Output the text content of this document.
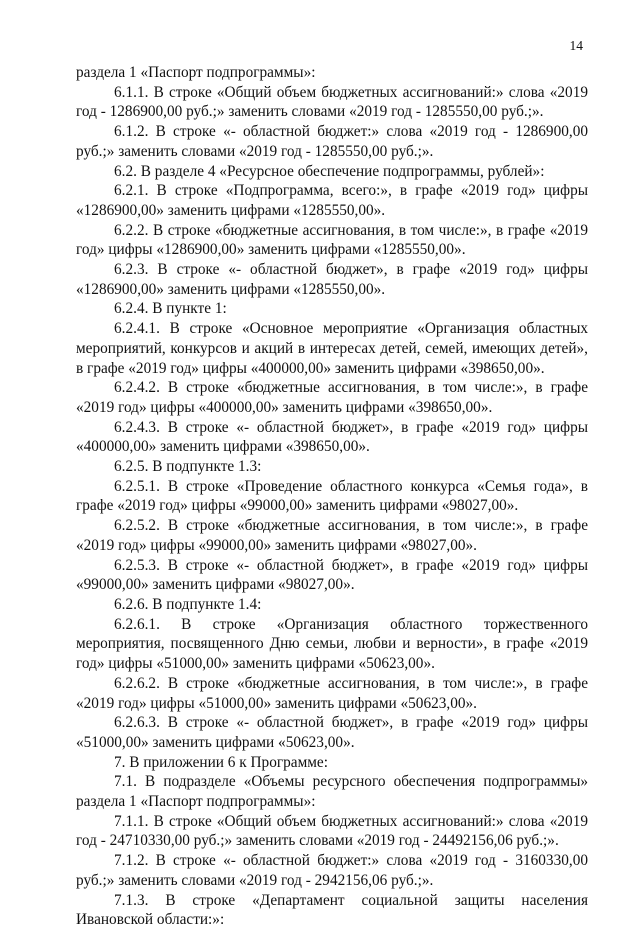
14

раздела 1 «Паспорт подпрограммы»:

6.1.1. В строке «Общий объем бюджетных ассигнований:» слова «2019 год - 1286900,00 руб.;» заменить словами «2019 год - 1285550,00 руб.;».

6.1.2. В строке «- областной бюджет:» слова «2019 год - 1286900,00 руб.;» заменить словами «2019 год - 1285550,00 руб.;».

6.2. В разделе 4 «Ресурсное обеспечение подпрограммы, рублей»:

6.2.1. В строке «Подпрограмма, всего:», в графе «2019 год» цифры «1286900,00» заменить цифрами «1285550,00».

6.2.2. В строке «бюджетные ассигнования, в том числе:», в графе «2019 год» цифры «1286900,00» заменить цифрами «1285550,00».

6.2.3. В строке «- областной бюджет», в графе «2019 год» цифры «1286900,00» заменить цифрами «1285550,00».

6.2.4. В пункте 1:

6.2.4.1. В строке «Основное мероприятие «Организация областных мероприятий, конкурсов и акций в интересах детей, семей, имеющих детей», в графе «2019 год» цифры «400000,00» заменить цифрами «398650,00».

6.2.4.2. В строке «бюджетные ассигнования, в том числе:», в графе «2019 год» цифры «400000,00» заменить цифрами «398650,00».

6.2.4.3. В строке «- областной бюджет», в графе «2019 год» цифры «400000,00» заменить цифрами «398650,00».

6.2.5. В подпункте 1.3:

6.2.5.1. В строке «Проведение областного конкурса «Семья года», в графе «2019 год» цифры «99000,00» заменить цифрами «98027,00».

6.2.5.2. В строке «бюджетные ассигнования, в том числе:», в графе «2019 год» цифры «99000,00» заменить цифрами «98027,00».

6.2.5.3. В строке «- областной бюджет», в графе «2019 год» цифры «99000,00» заменить цифрами «98027,00».

6.2.6. В подпункте 1.4:

6.2.6.1. В строке «Организация областного торжественного мероприятия, посвященного Дню семьи, любви и верности», в графе «2019 год» цифры «51000,00» заменить цифрами «50623,00».

6.2.6.2. В строке «бюджетные ассигнования, в том числе:», в графе «2019 год» цифры «51000,00» заменить цифрами «50623,00».

6.2.6.3. В строке «- областной бюджет», в графе «2019 год» цифры «51000,00» заменить цифрами «50623,00».

7. В приложении 6 к Программе:

7.1. В подразделе «Объемы ресурсного обеспечения подпрограммы» раздела 1 «Паспорт подпрограммы»:

7.1.1. В строке «Общий объем бюджетных ассигнований:» слова «2019 год - 24710330,00 руб.;» заменить словами «2019 год - 24492156,06 руб.;».

7.1.2. В строке «- областной бюджет:» слова «2019 год - 3160330,00 руб.;» заменить словами «2019 год - 2942156,06 руб.;».

7.1.3. В строке «Департамент социальной защиты населения Ивановской области:»:
